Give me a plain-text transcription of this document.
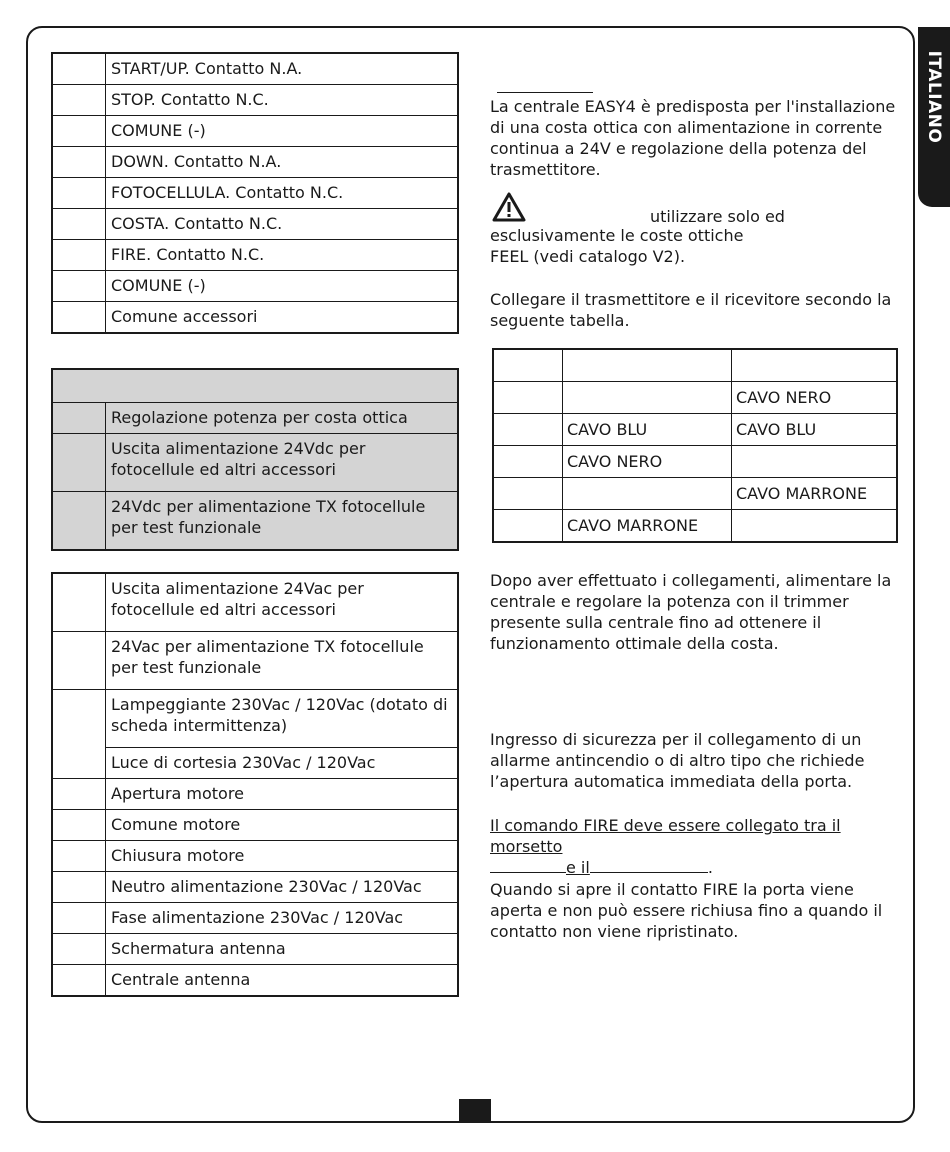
ITALIANO
	START/UP. Contatto N.A.
	STOP. Contatto N.C.
	COMUNE (-)
	DOWN. Contatto N.A.
	FOTOCELLULA. Contatto N.C.
	COSTA. Contatto N.C.
	FIRE. Contatto N.C.
	COMUNE (-)
	Comune accessori

	Regolazione potenza per costa ottica
	Uscita alimentazione 24Vdc per fotocellule ed altri accessori
	24Vdc per alimentazione TX fotocellule per test funzionale
	Uscita alimentazione 24Vac per fotocellule ed altri accessori
	24Vac per alimentazione TX fotocellule per test funzionale
	Lampeggiante 230Vac / 120Vac (dotato di scheda intermittenza)
	Luce di cortesia 230Vac / 120Vac
	Apertura motore
	Comune motore
	Chiusura motore
	Neutro alimentazione 230Vac / 120Vac
	Fase alimentazione 230Vac / 120Vac
	Schermatura antenna
	Centrale antenna
La centrale EASY4 è predisposta per l'installazione di una costa ottica con alimentazione in corrente continua a 24V e regolazione della potenza del trasmettitore.
utilizzare solo ed
esclusivamente le coste ottiche FEEL (vedi catalogo V2).
Collegare il trasmettitore e il ricevitore secondo la seguente tabella.

		CAVO NERO
	CAVO BLU	CAVO BLU
	CAVO NERO	
		CAVO MARRONE
	CAVO MARRONE	
Dopo aver effettuato i collegamenti, alimentare la centrale e regolare la potenza con il trimmer presente sulla centrale fino ad ottenere il funzionamento ottimale della costa.
Ingresso di sicurezza per il collegamento di un allarme antincendio o di altro tipo che richiede l’apertura automatica immediata della porta.
Il comando FIRE deve essere collegato tra il morsetto
e il	.
Quando si apre il contatto FIRE la porta viene aperta e non può essere richiusa fino a quando il contatto non viene ripristinato.
